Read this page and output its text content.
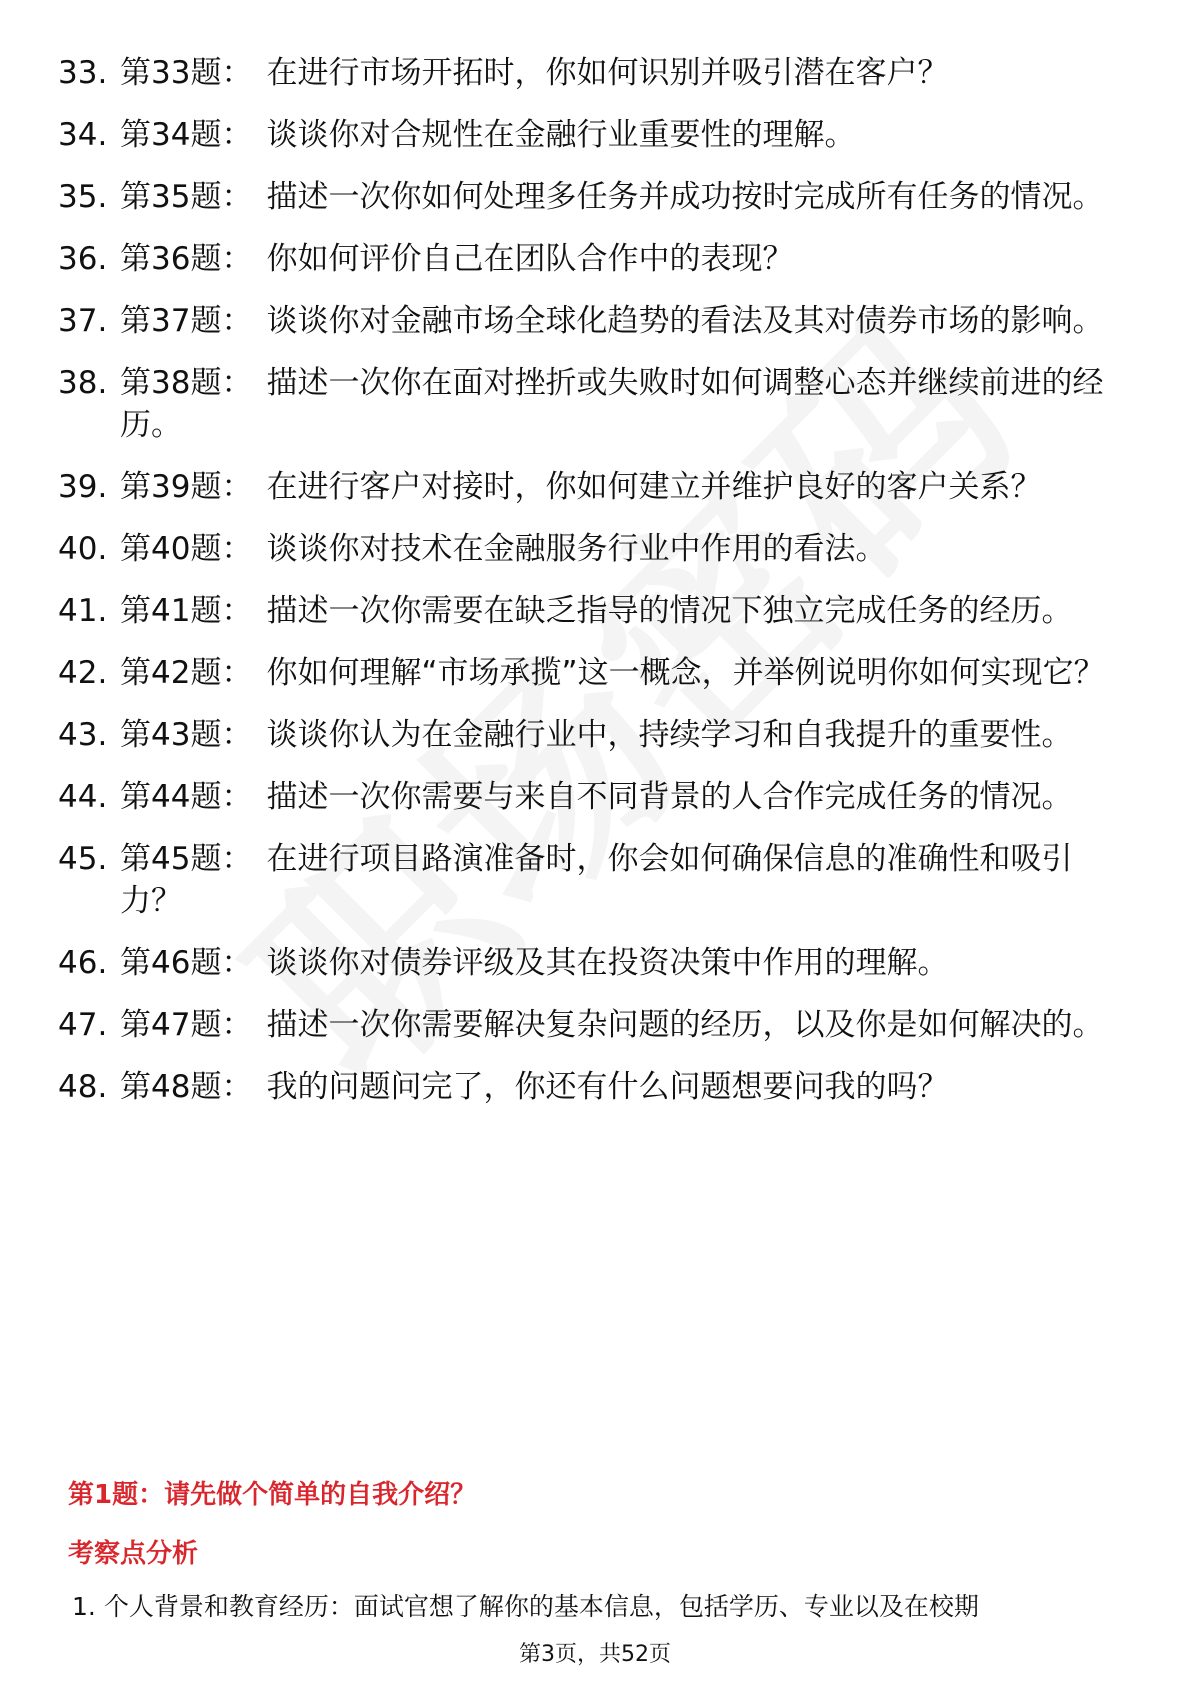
33. 第33题： 在进行市场开拓时，你如何识别并吸引潜在客户？
34. 第34题： 谈谈你对合规性在金融行业重要性的理解。
35. 第35题： 描述一次你如何处理多任务并成功按时完成所有任务的情况。
36. 第36题： 你如何评价自己在团队合作中的表现？
37. 第37题： 谈谈你对金融市场全球化趋势的看法及其对债券市场的影响。
38. 第38题： 描述一次你在面对挫折或失败时如何调整心态并继续前进的经历。
39. 第39题： 在进行客户对接时，你如何建立并维护良好的客户关系？
40. 第40题： 谈谈你对技术在金融服务行业中作用的看法。
41. 第41题： 描述一次你需要在缺乏指导的情况下独立完成任务的经历。
42. 第42题： 你如何理解“市场承揽”这一概念，并举例说明你如何实现它？
43. 第43题： 谈谈你认为在金融行业中，持续学习和自我提升的重要性。
44. 第44题： 描述一次你需要与来自不同背景的人合作完成任务的情况。
45. 第45题： 在进行项目路演准备时，你会如何确保信息的准确性和吸引力？
46. 第46题： 谈谈你对债券评级及其在投资决策中作用的理解。
47. 第47题： 描述一次你需要解决复杂问题的经历，以及你是如何解决的。
48. 第48题： 我的问题问完了，你还有什么问题想要问我的吗？
第1题：请先做个简单的自我介绍？
考察点分析
1. 个人背景和教育经历：面试官想了解你的基本信息，包括学历、专业以及在校期
第3页，共52页
